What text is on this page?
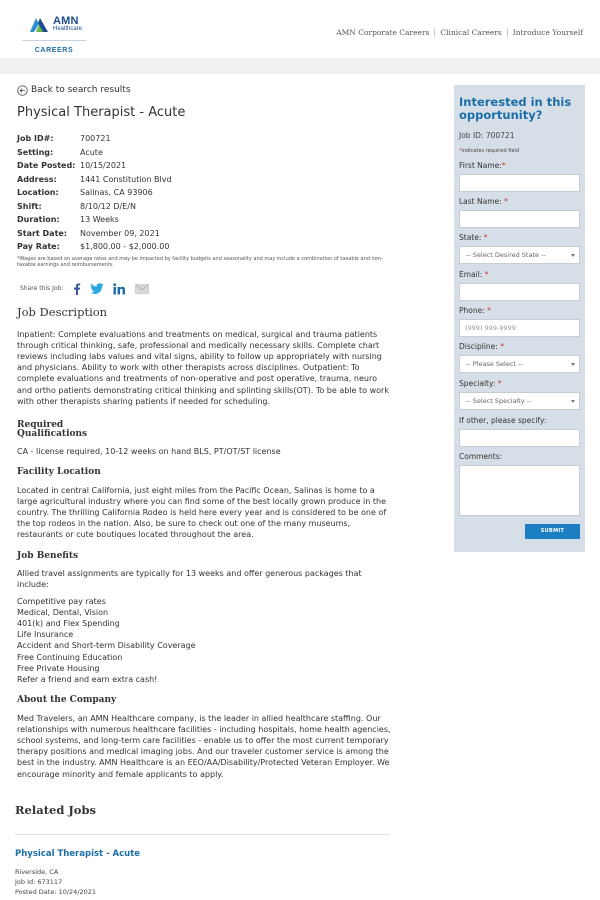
AMN
Healthcare
CAREERS
AMN Corporate Careers	Clinical Careers	Introduce Yourself
Back to search results
Physical Therapist - Acute
Job ID#:	700721
Setting:	Acute
Date Posted: 10/15/2021
Address:	1441 Constitution Blvd
Location:	Salinas, CA 93906
Shift:	8/10/12 D/E/N
Duration:	13 Weeks
Start Date:	November 09, 2021
Pay Rate:	$1,800.00 - $2,000.00

*Wages are based on average rates and may be impacted by facility budgets and seasonality and may include a combination of taxable and non-taxable earnings and reimbursements.

Share this Job:
Job Description

Inpatient: Complete evaluations and treatments on medical, surgical and trauma patients through critical thinking, safe, professional and medically necessary skills. Complete chart reviews including labs values and vital signs, ability to follow up appropriately with nursing and physicians. Ability to work with other therapists across disciplines. Outpatient: To complete evaluations and treatments of non-operative and post operative, trauma, neuro and ortho patients demonstrating critical thinking and splinting skills(OT). To be able to work with other therapists sharing patients if needed for scheduling.

Required
Qualifications

CA - license required, 10-12 weeks on hand BLS, PT/OT/ST license

Facility Location

Located in central California, just eight miles from the Pacific Ocean, Salinas is home to a large agricultural industry where you can find some of the best locally grown produce in the country. The thrilling California Rodeo is held here every year and is considered to be one of the top rodeos in the nation. Also, be sure to check out one of the many museums, restaurants or cute boutiques located throughout the area.

Job Benefits

Allied travel assignments are typically for 13 weeks and offer generous packages that include:

Competitive pay rates
Medical, Dental, Vision
401(k) and Flex Spending
Life Insurance
Accident and Short-term Disability Coverage
Free Continuing Education
Free Private Housing
Refer a friend and earn extra cash!
About the Company

Med Travelers, an AMN Healthcare company, is the leader in allied healthcare staffing. Our relationships with numerous healthcare facilities - including hospitals, home health agencies, school systems, and long-term care facilities - enable us to offer the most current temporary therapy positions and medical imaging jobs. And our traveler customer service is among the best in the industry. AMN Healthcare is an EEO/AA/Disability/Protected Veteran Employer. We encourage minority and female applicants to apply.

Related Jobs
Physical Therapist - Acute
Riverside, CA
Job Id: 673117
Posted Date: 10/24/2021
Interested in this opportunity?
Job ID: 700721
*indicates required field
First Name:*
Last Name: *
State: *
-- Select Desired State --
Email: *
Phone: *
(999) 999-9999
Discipline: *
-- Please Select --
Specialty: *
-- Select Specialty --
If other, please specify:
Comments:
SUBMIT
